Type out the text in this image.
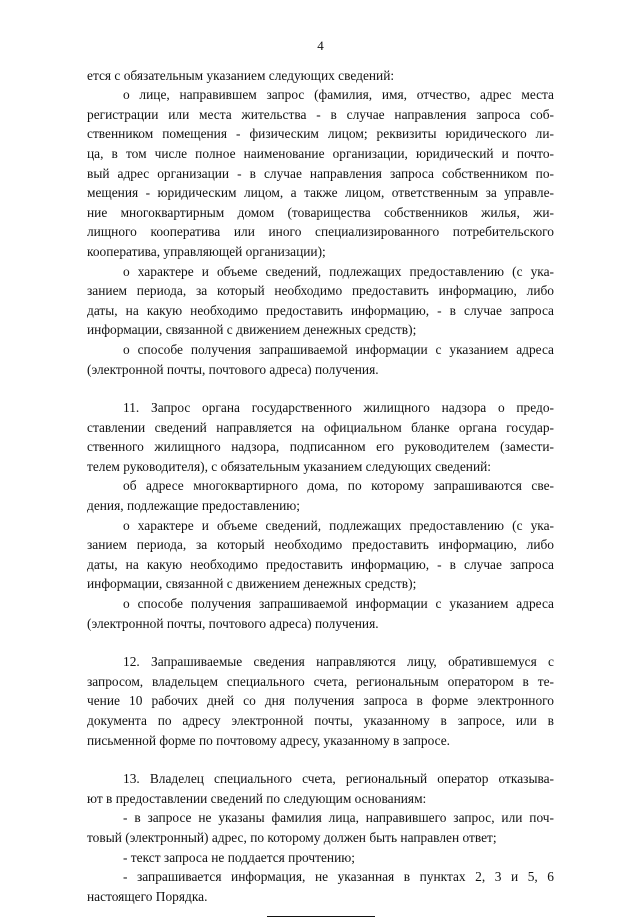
4

ется с обязательным указанием следующих сведений:

о лице, направившем запрос (фамилия, имя, отчество, адрес места

регистрации или места жительства - в случае направления запроса соб-

ственником помещения - физическим лицом; реквизиты юридического ли-

ца, в том числе полное наименование организации, юридический и почто-

вый адрес организации - в случае направления запроса собственником по-

мещения - юридическим лицом, а также лицом, ответственным за управле-

ние многоквартирным домом (товарищества собственников жилья, жи-

лищного кооператива или иного специализированного потребительского

кооператива, управляющей организации);

о характере и объеме сведений, подлежащих предоставлению (с ука-

занием периода, за который необходимо предоставить информацию, либо

даты, на какую необходимо предоставить информацию, - в случае запроса

информации, связанной с движением денежных средств);

о способе получения запрашиваемой информации с указанием адреса

(электронной почты, почтового адреса) получения.

11. Запрос органа государственного жилищного надзора о предо-

ставлении сведений направляется на официальном бланке органа государ-

ственного жилищного надзора, подписанном его руководителем (замести-

телем руководителя), с обязательным указанием следующих сведений:

об адресе многоквартирного дома, по которому запрашиваются све-

дения, подлежащие предоставлению;

о характере и объеме сведений, подлежащих предоставлению (с ука-

занием периода, за который необходимо предоставить информацию, либо

даты, на какую необходимо предоставить информацию, - в случае запроса

информации, связанной с движением денежных средств);

о способе получения запрашиваемой информации с указанием адреса

(электронной почты, почтового адреса) получения.

12. Запрашиваемые сведения направляются лицу, обратившемуся с

запросом, владельцем специального счета, региональным оператором в те-

чение 10 рабочих дней со дня получения запроса в форме электронного

документа по адресу электронной почты, указанному в запросе, или в

письменной форме по почтовому адресу, указанному в запросе.

13. Владелец специального счета, региональный оператор отказыва-

ют в предоставлении сведений по следующим основаниям:

- в запросе не указаны фамилия лица, направившего запрос, или поч-

товый (электронный) адрес, по которому должен быть направлен ответ;

- текст запроса не поддается прочтению;

- запрашивается информация, не указанная в пунктах 2, 3 и 5, 6

настоящего Порядка.
